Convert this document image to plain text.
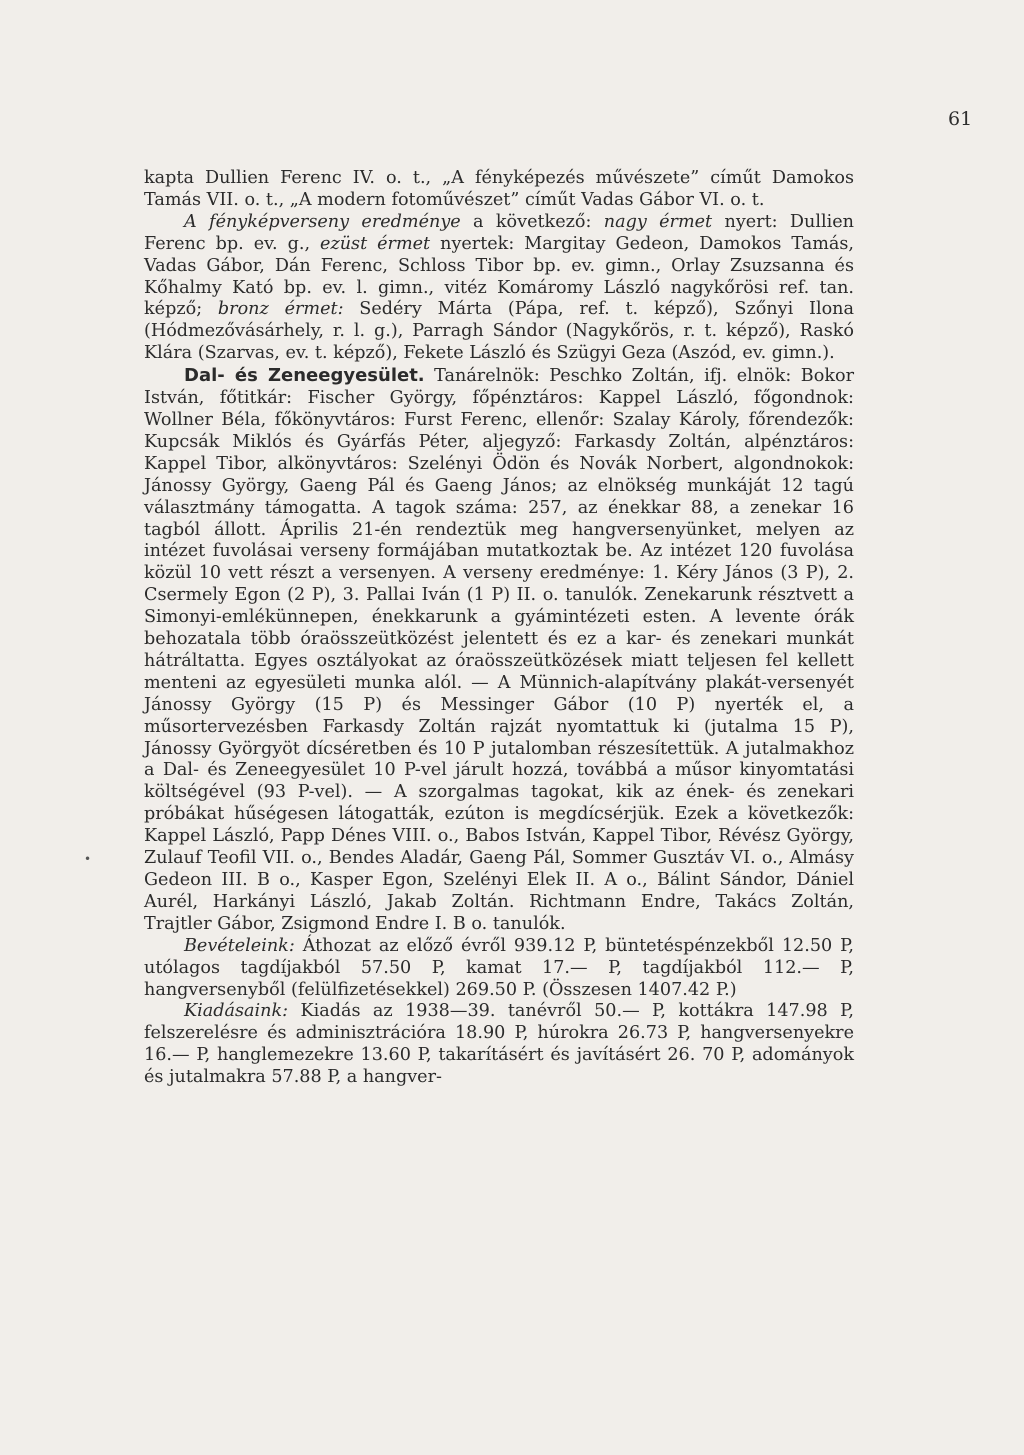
61

kapta Dullien Ferenc IV. o. t., „A fényképezés művészete” címűt Damokos Tamás VII. o. t., „A modern fotoművészet” címűt Vadas Gábor VI. o. t.

A fényképverseny eredménye a következő: nagy érmet nyert: Dullien Ferenc bp. ev. g., ezüst érmet nyertek: Margitay Gedeon, Damokos Tamás, Vadas Gábor, Dán Ferenc, Schloss Tibor bp. ev. gimn., Orlay Zsuzsanna és Kőhalmy Kató bp. ev. l. gimn., vitéz Komáromy László nagykőrösi ref. tan. képző; bronz érmet: Sedéry Márta (Pápa, ref. t. képző), Szőnyi Ilona (Hódmezővásárhely, r. l. g.), Parragh Sándor (Nagykőrös, r. t. képző), Raskó Klára (Szarvas, ev. t. képző), Fekete László és Szügyi Geza (Aszód, ev. gimn.).

Dal- és Zeneegyesület. Tanárelnök: Peschko Zoltán, ifj. elnök: Bokor István, főtitkár: Fischer György, főpénztáros: Kappel László, főgondnok: Wollner Béla, főkönyvtáros: Furst Ferenc, ellenőr: Szalay Károly, főrendezők: Kupcsák Miklós és Gyárfás Péter, aljegyző: Farkasdy Zoltán, alpénztáros: Kappel Tibor, alkönyvtáros: Szelényi Ödön és Novák Norbert, algondnokok: Jánossy György, Gaeng Pál és Gaeng János; az elnökség munkáját 12 tagú választmány támogatta. A tagok száma: 257, az énekkar 88, a zenekar 16 tagból állott. Április 21-én rendeztük meg hangversenyünket, melyen az intézet fuvolásai verseny formájában mutatkoztak be. Az intézet 120 fuvolása közül 10 vett részt a versenyen. A verseny eredménye: 1. Kéry János (3 P), 2. Csermely Egon (2 P), 3. Pallai Iván (1 P) II. o. tanulók. Zenekarunk résztvett a Simonyi-emlékünnepen, énekkarunk a gyámintézeti esten. A levente órák behozatala több óraösszeütközést jelentett és ez a kar- és zenekari munkát hátráltatta. Egyes osztályokat az óraösszeütközések miatt teljesen fel kellett menteni az egyesületi munka alól. — A Münnich-alapítvány plakát-versenyét Jánossy György (15 P) és Messinger Gábor (10 P) nyerték el, a műsortervezésben Farkasdy Zoltán rajzát nyomtattuk ki (jutalma 15 P), Jánossy Györgyöt dícséretben és 10 P jutalomban részesítettük. A jutalmakhoz a Dal- és Zeneegyesület 10 P-vel járult hozzá, továbbá a műsor kinyomtatási költségével (93 P-vel). — A szorgalmas tagokat, kik az ének- és zenekari próbákat hűségesen látogatták, ezúton is megdícsérjük. Ezek a következők: Kappel László, Papp Dénes VIII. o., Babos István, Kappel Tibor, Révész György, Zulauf Teofil VII. o., Bendes Aladár, Gaeng Pál, Sommer Gusztáv VI. o., Almásy Gedeon III. B o., Kasper Egon, Szelényi Elek II. A o., Bálint Sándor, Dániel Aurél, Harkányi László, Jakab Zoltán. Richtmann Endre, Takács Zoltán, Trajtler Gábor, Zsigmond Endre I. B o. tanulók.

Bevételeink: Áthozat az előző évről 939.12 P, büntetéspénzekből 12.50 P, utólagos tagdíjakból 57.50 P, kamat 17.— P, tagdíjakból 112.— P, hangversenyből (felülfizetésekkel) 269.50 P. (Összesen 1407.42 P.)

Kiadásaink: Kiadás az 1938—39. tanévről 50.— P, kottákra 147.98 P, felszerelésre és adminisztrációra 18.90 P, húrokra 26.73 P, hangversenyekre 16.— P, hanglemezekre 13.60 P, takarításért és javításért 26. 70 P, adományok és jutalmakra 57.88 P, a hangver-

•
